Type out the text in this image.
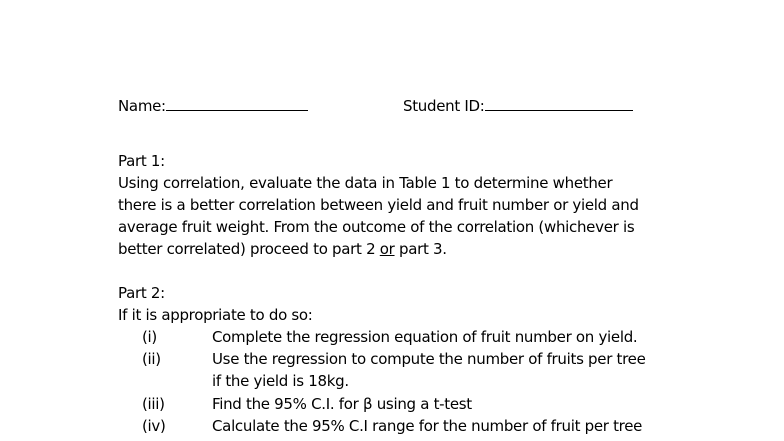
Name:	Student ID:
Part 1:
Using correlation, evaluate the data in Table 1 to determine whether
there is a better correlation between yield and fruit number or yield and
average fruit weight. From the outcome of the correlation (whichever is
better correlated) proceed to part 2 or part 3.
Part 2:
If it is appropriate to do so:
(i)	Complete the regression equation of fruit number on yield.
(ii)	Use the regression to compute the number of fruits per tree
if the yield is 18kg.
(iii)	Find the 95% C.I. for β using a t-test
(iv)	Calculate the 95% C.I range for the number of fruit per tree
